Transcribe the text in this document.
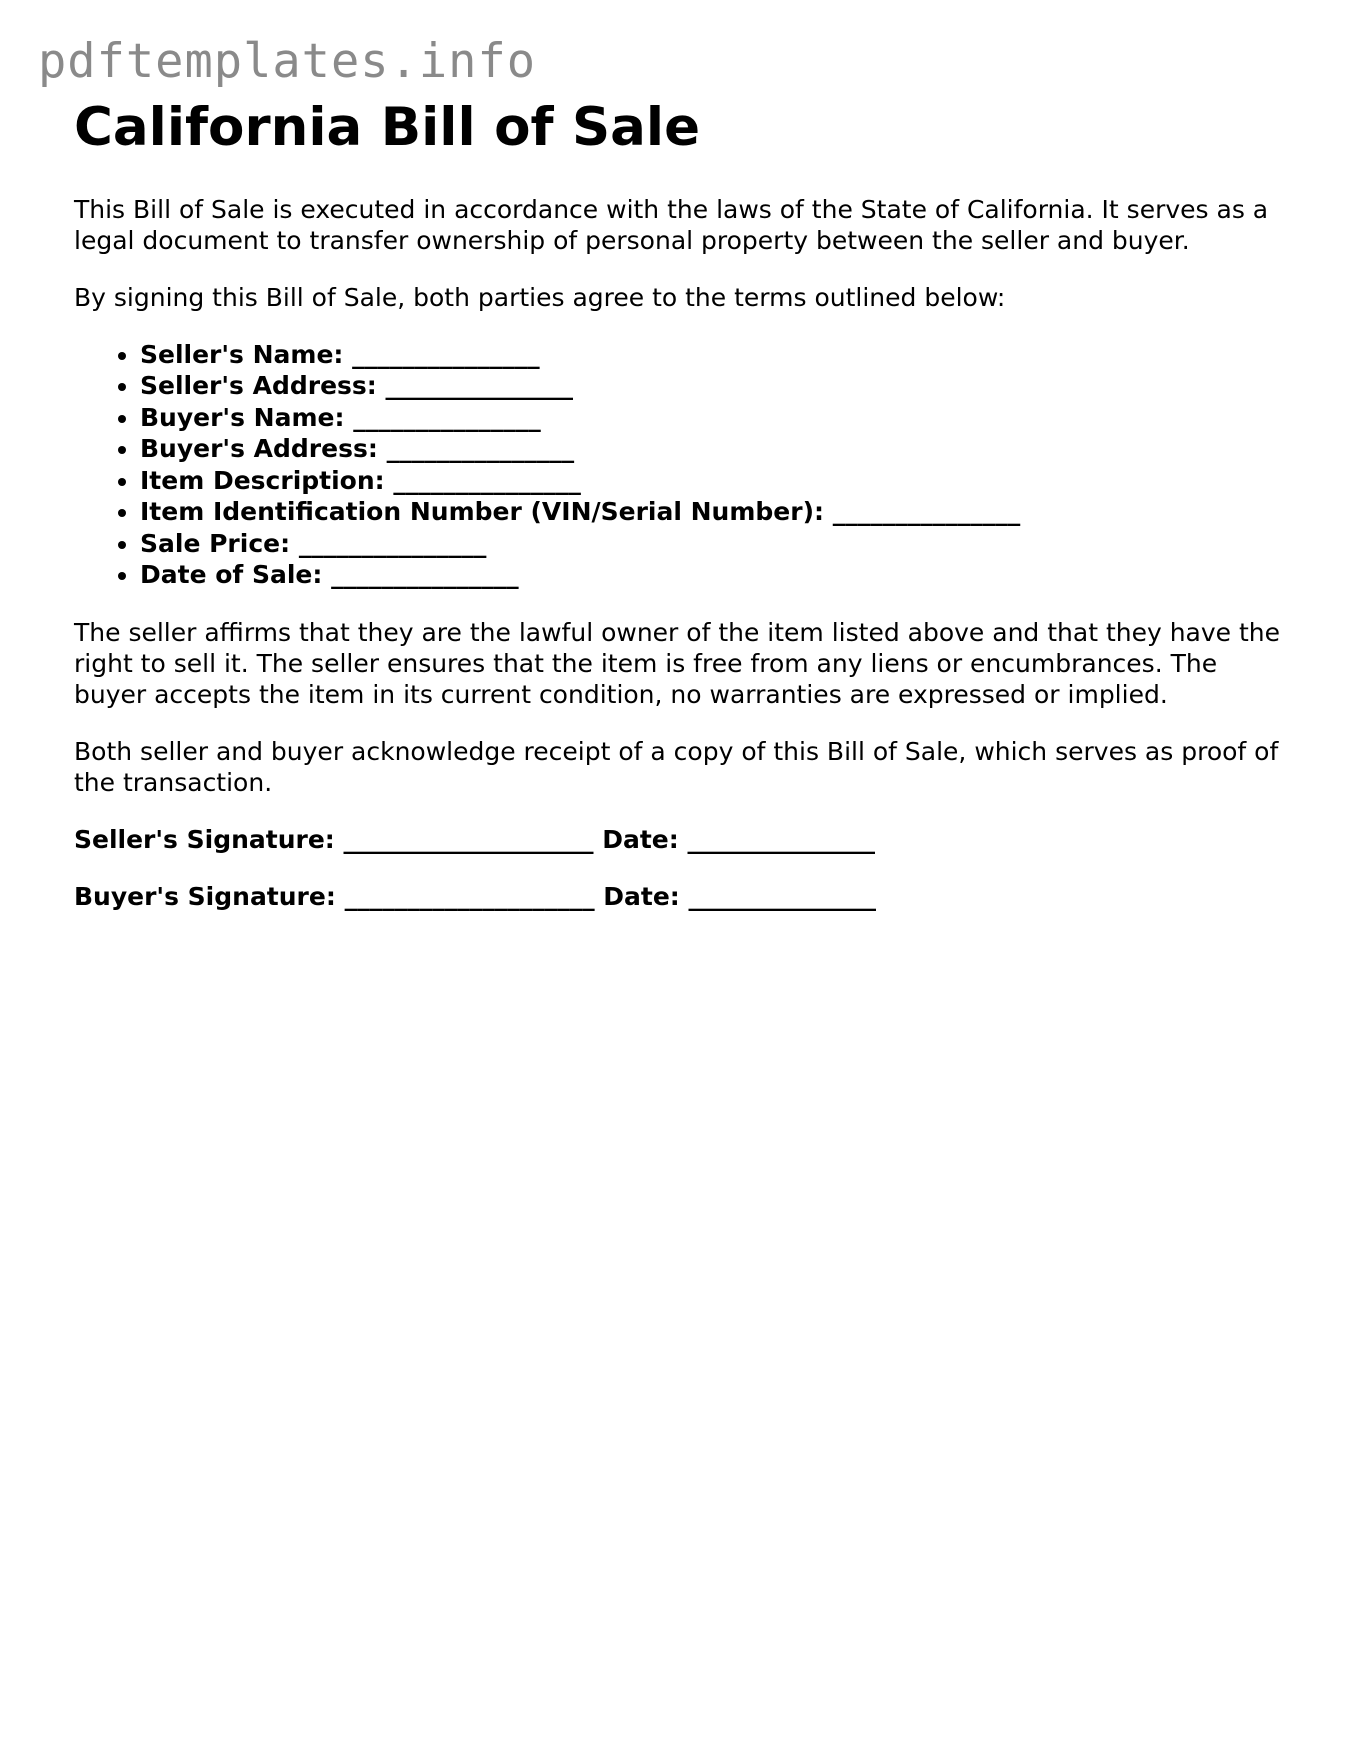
pdftemplates.info
California Bill of Sale

This Bill of Sale is executed in accordance with the laws of the State of California. It serves as a legal document to transfer ownership of personal property between the seller and buyer.

By signing this Bill of Sale, both parties agree to the terms outlined below:

• Seller's Name: _______________
• Seller's Address: _______________
• Buyer's Name: _______________
• Buyer's Address: _______________
• Item Description: _______________
• Item Identification Number (VIN/Serial Number): _______________
• Sale Price: _______________
• Date of Sale: _______________

The seller affirms that they are the lawful owner of the item listed above and that they have the right to sell it. The seller ensures that the item is free from any liens or encumbrances. The buyer accepts the item in its current condition, no warranties are expressed or implied.

Both seller and buyer acknowledge receipt of a copy of this Bill of Sale, which serves as proof of the transaction.

Seller's Signature: ____________________ Date: _______________
Buyer's Signature: ____________________ Date: _______________
